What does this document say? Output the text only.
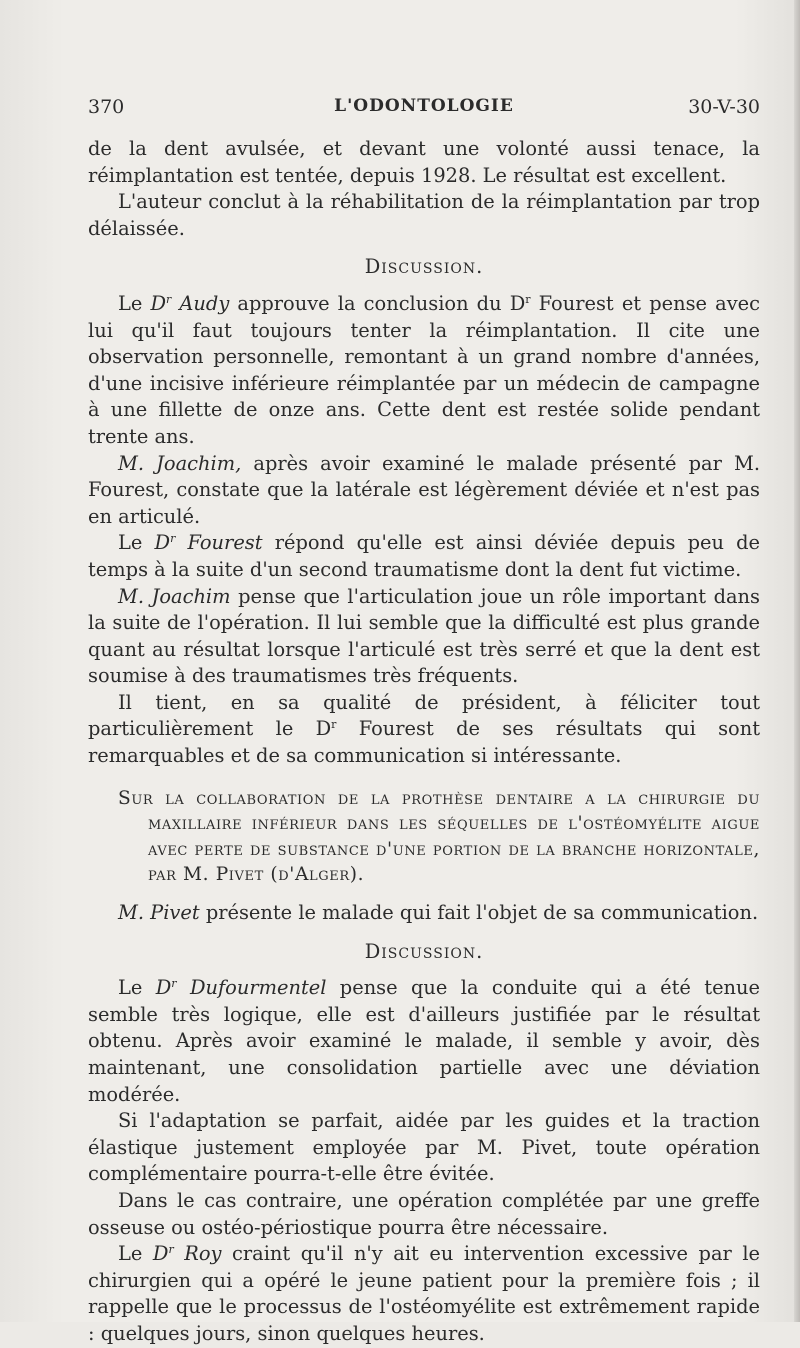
370	L'ODONTOLOGIE	30-V-30

de la dent avulsée, et devant une volonté aussi tenace, la réimplantation est tentée, depuis 1928. Le résultat est excellent.

L'auteur conclut à la réhabilitation de la réimplantation par trop délaissée.

Discussion.

Le $D^r$ Audy approuve la conclusion du $D^r$ Fourest et pense avec lui qu'il faut toujours tenter la réimplantation. Il cite une observation personnelle, remontant à un grand nombre d'années, d'une incisive inférieure réimplantée par un médecin de campagne à une fillette de onze ans. Cette dent est restée solide pendant trente ans.

M. Joachim, après avoir examiné le malade présenté par M. Fourest, constate que la latérale est légèrement déviée et n'est pas en articulé.

Le $D^r$ Fourest répond qu'elle est ainsi déviée depuis peu de temps à la suite d'un second traumatisme dont la dent fut victime.

M. Joachim pense que l'articulation joue un rôle important dans la suite de l'opération. Il lui semble que la difficulté est plus grande quant au résultat lorsque l'articulé est très serré et que la dent est soumise à des traumatismes très fréquents.

Il tient, en sa qualité de président, à féliciter tout particulièrement le $D^r$ Fourest de ses résultats qui sont remarquables et de sa communication si intéressante.

Sur la collaboration de la prothèse dentaire a la chirurgie du maxillaire inférieur dans les séquelles de l'ostéomyélite aigue avec perte de substance d'une portion de la branche horizontale, par M. Pivet (d'Alger).

M. Pivet présente le malade qui fait l'objet de sa communication.

Discussion.

Le $D^r$ Dufourmentel pense que la conduite qui a été tenue semble très logique, elle est d'ailleurs justifiée par le résultat obtenu. Après avoir examiné le malade, il semble y avoir, dès maintenant, une consolidation partielle avec une déviation modérée.

Si l'adaptation se parfait, aidée par les guides et la traction élastique justement employée par M. Pivet, toute opération complémentaire pourra-t-elle être évitée.

Dans le cas contraire, une opération complétée par une greffe osseuse ou ostéo-périostique pourra être nécessaire.

Le $D^r$ Roy craint qu'il n'y ait eu intervention excessive par le chirurgien qui a opéré le jeune patient pour la première fois ; il rappelle que le processus de l'ostéomyélite est extrêmement rapide : quelques jours, sinon quelques heures.
